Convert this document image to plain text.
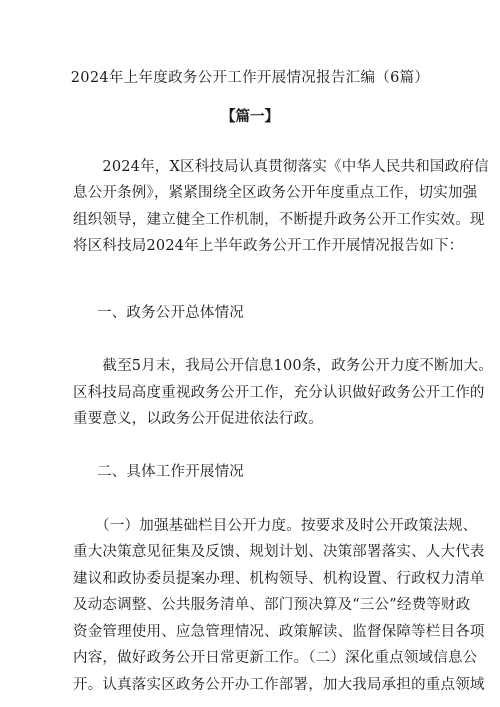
2024年上年度政务公开工作开展情况报告汇编（6篇）
【篇一】
　　2024年，X区科技局认真贯彻落实《中华人民共和国政府信
息公开条例》，紧紧围绕全区政务公开年度重点工作，切实加强
组织领导，建立健全工作机制，不断提升政务公开工作实效。现
将区科技局2024年上半年政务公开工作开展情况报告如下：
一、政务公开总体情况
　　截至5月末，我局公开信息100条，政务公开力度不断加大。
区科技局高度重视政务公开工作，充分认识做好政务公开工作的
重要意义，以政务公开促进依法行政。
二、具体工作开展情况
　　（一）加强基础栏目公开力度。按要求及时公开政策法规、
重大决策意见征集及反馈、规划计划、决策部署落实、人大代表
建议和政协委员提案办理、机构领导、机构设置、行政权力清单
及动态调整、公共服务清单、部门预决算及“三公”经费等财政
资金管理使用、应急管理情况、政策解读、监督保障等栏目各项
内容，做好政务公开日常更新工作。（二）深化重点领域信息公
开。认真落实区政务公开办工作部署，加大我局承担的重点领域
